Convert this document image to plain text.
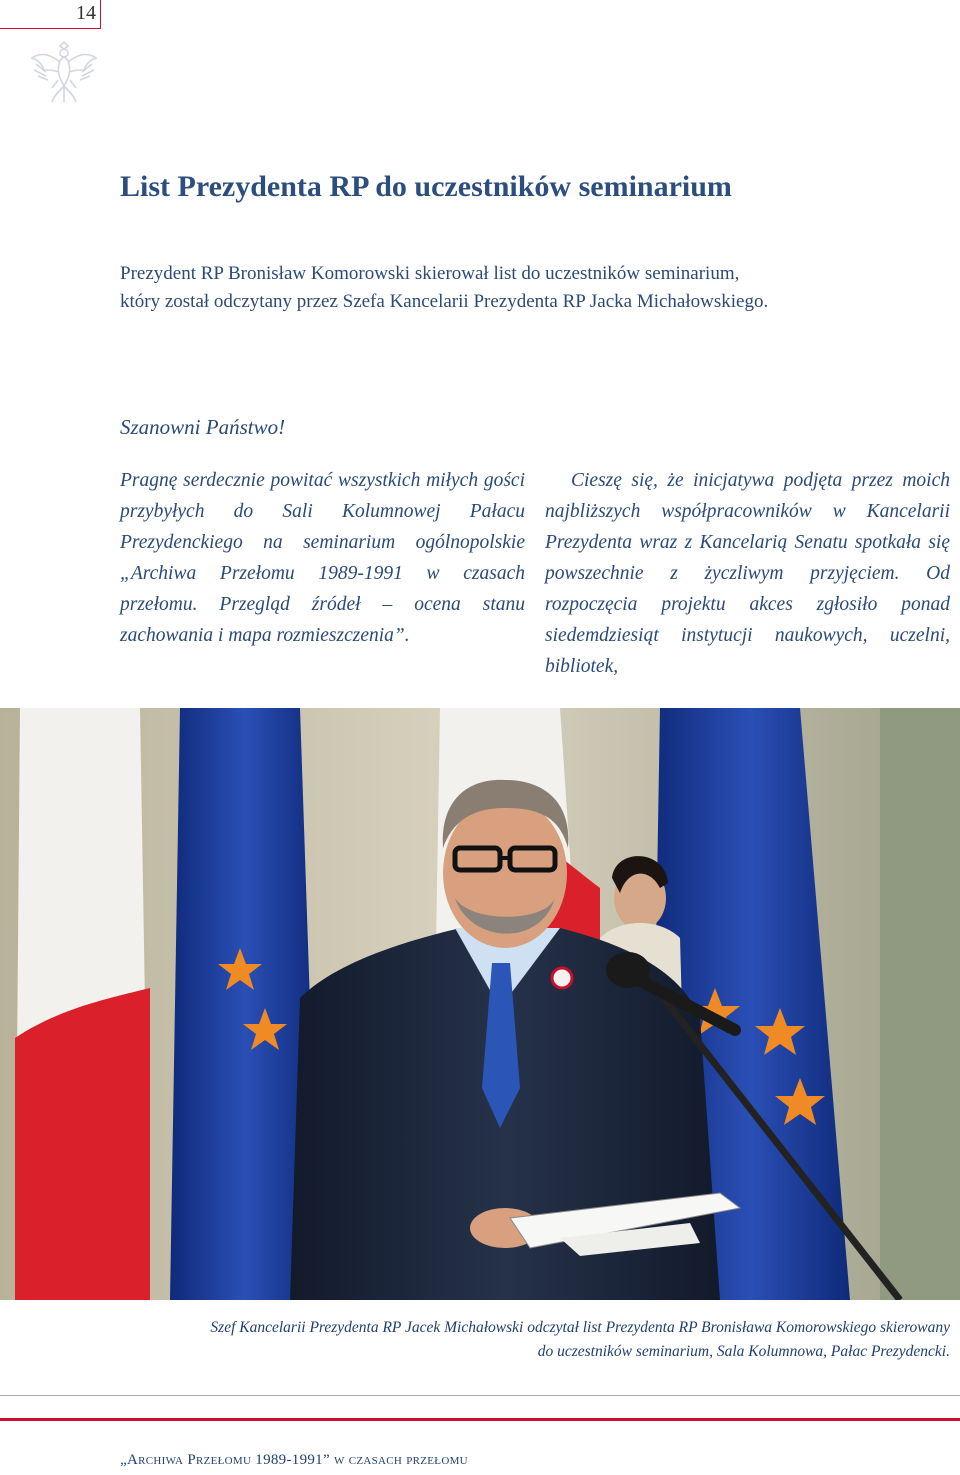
14
List Prezydenta RP do uczestników seminarium
Prezydent RP Bronisław Komorowski skierował list do uczestników seminarium,
który został odczytany przez Szefa Kancelarii Prezydenta RP Jacka Michałowskiego.
Szanowni Państwo!
Pragnę serdecznie powitać wszystkich miłych gości przybyłych do Sali Kolumnowej Pałacu Prezydenckiego na seminarium ogólnopolskie „Archiwa Przełomu 1989-1991 w czasach przełomu. Przegląd źródeł – ocena stanu zachowania i mapa rozmieszczenia”.
Cieszę się, że inicjatywa podjęta przez moich najbliższych współpracowników w Kancelarii Prezydenta wraz z Kancelarią Senatu spotkała się powszechnie z życzliwym przyjęciem. Od rozpoczęcia projektu akces zgłosiło ponad siedemdziesiąt instytucji naukowych, uczelni, bibliotek,
Szef Kancelarii Prezydenta RP Jacek Michałowski odczytał list Prezydenta RP Bronisława Komorowskiego skierowany
do uczestników seminarium, Sala Kolumnowa, Pałac Prezydencki.
„Archiwa Przełomu 1989-1991” w czasach przełomu
